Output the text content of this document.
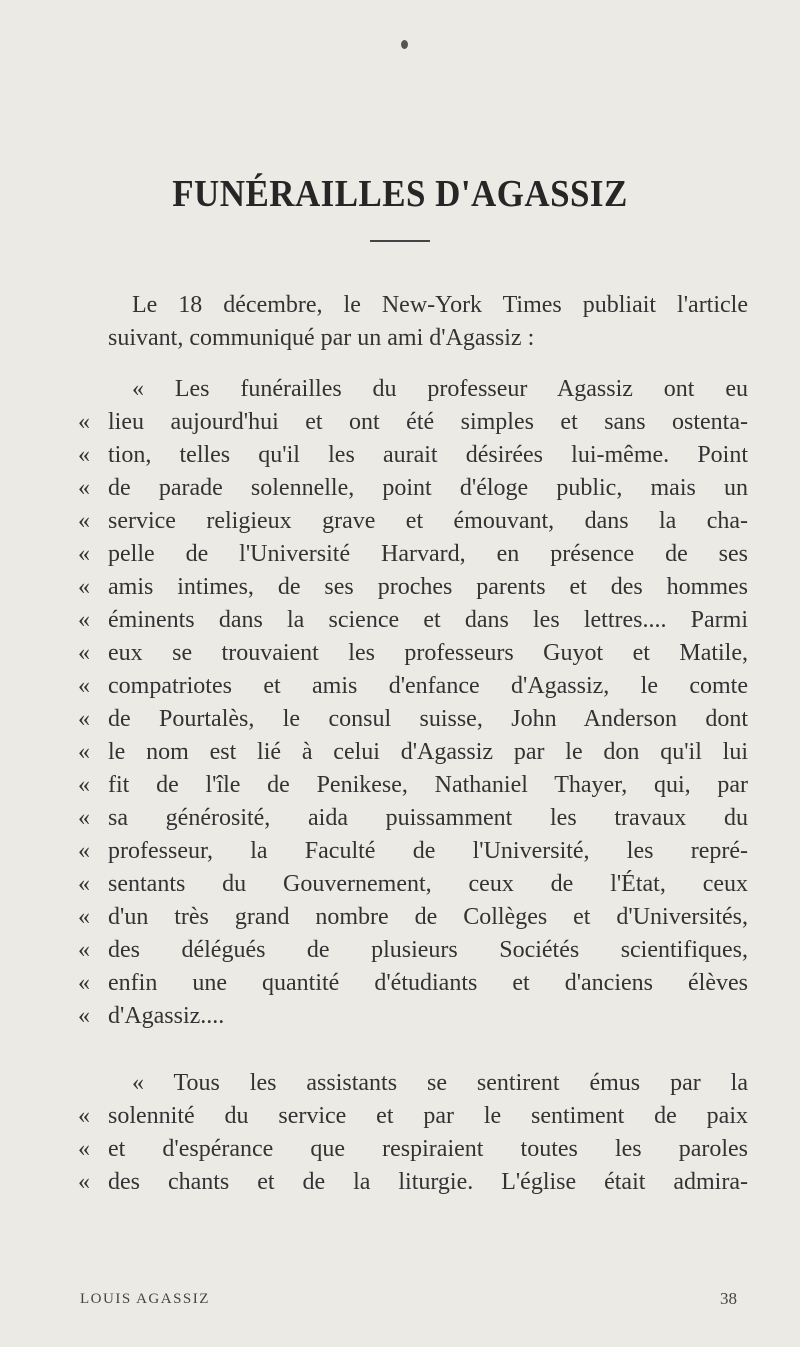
FUNÉRAILLES D'AGASSIZ
Le 18 décembre, le New-York Times publiait l'article
suivant, communiqué par un ami d'Agassiz :
« Les funérailles du professeur Agassiz ont eu
« lieu aujourd'hui et ont été simples et sans ostenta-
« tion, telles qu'il les aurait désirées lui-même. Point
« de parade solennelle, point d'éloge public, mais un
« service religieux grave et émouvant, dans la cha-
« pelle de l'Université Harvard, en présence de ses
« amis intimes, de ses proches parents et des hommes
« éminents dans la science et dans les lettres.... Parmi
« eux se trouvaient les professeurs Guyot et Matile,
« compatriotes et amis d'enfance d'Agassiz, le comte
« de Pourtalès, le consul suisse, John Anderson dont
« le nom est lié à celui d'Agassiz par le don qu'il lui
« fit de l'île de Penikese, Nathaniel Thayer, qui, par
« sa générosité, aida puissamment les travaux du
« professeur, la Faculté de l'Université, les repré-
« sentants du Gouvernement, ceux de l'État, ceux
« d'un très grand nombre de Collèges et d'Universités,
« des délégués de plusieurs Sociétés scientifiques,
« enfin une quantité d'étudiants et d'anciens élèves
« d'Agassiz....
« Tous les assistants se sentirent émus par la
« solennité du service et par le sentiment de paix
« et d'espérance que respiraient toutes les paroles
« des chants et de la liturgie. L'église était admira-
LOUIS AGASSIZ	38
